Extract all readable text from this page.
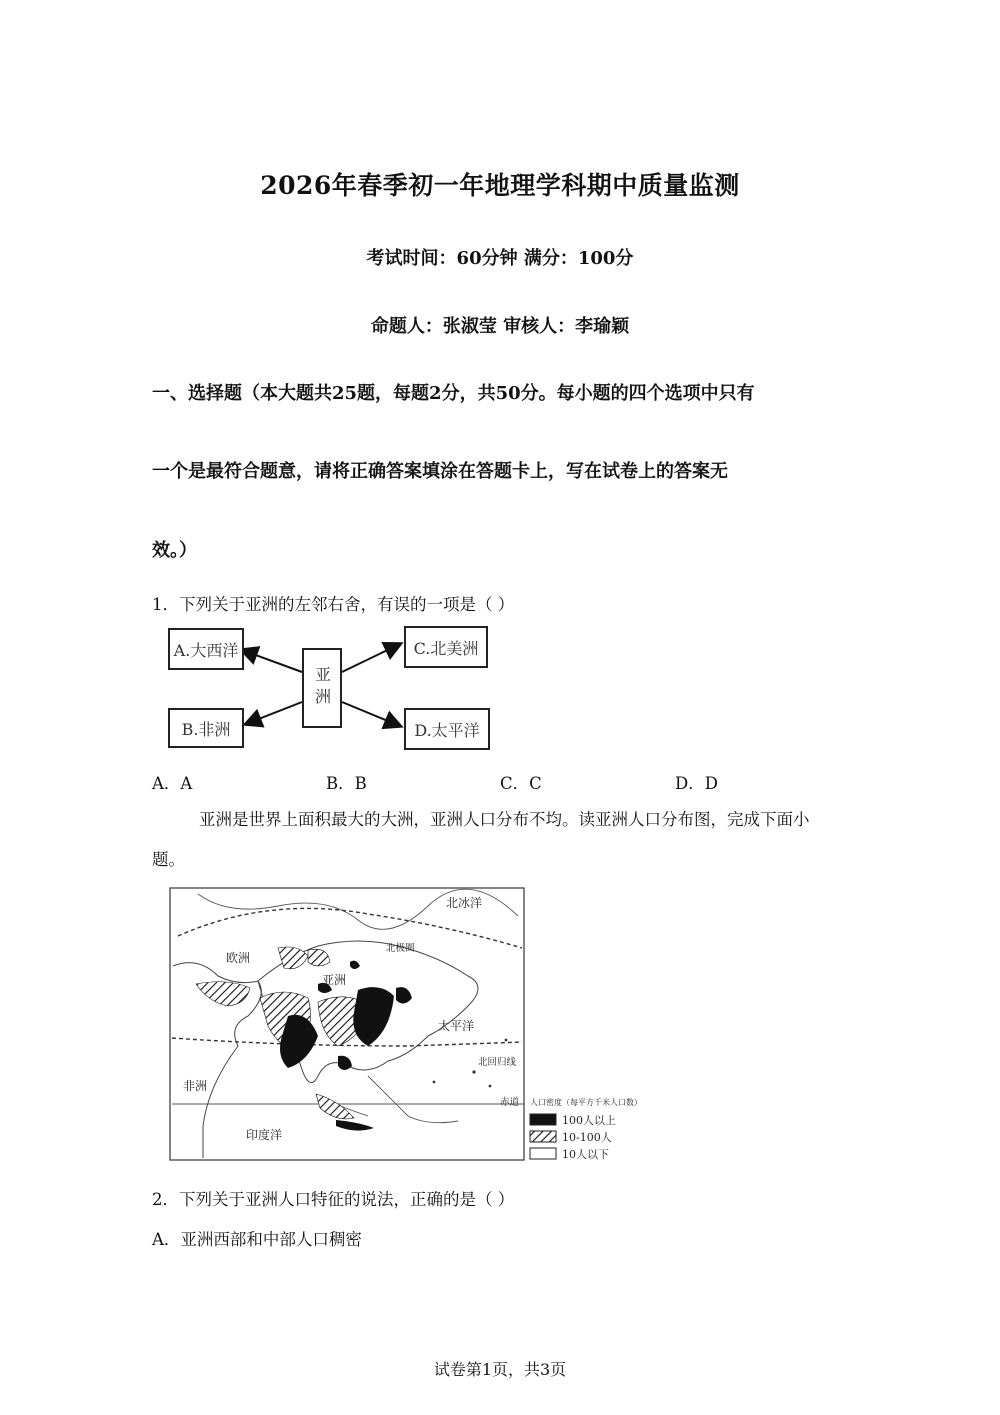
2026年春季初一年地理学科期中质量监测
考试时间：60分钟 满分：100分
命题人：张淑莹 审核人：李瑜颖
一、选择题（本大题共25题，每题2分，共50分。每小题的四个选项中只有
一个是最符合题意，请将正确答案填涂在答题卡上，写在试卷上的答案无
效。）
1．下列关于亚洲的左邻右舍，有误的一项是（ ）
A.大西洋
B.非洲
C.北美洲
D.太平洋
亚洲
A．A	B．B	C．C	D．D
亚洲是世界上面积最大的大洲，亚洲人口分布不均。读亚洲人口分布图，完成下面小题。
北冰洋
北极圈
欧洲
亚洲
太平洋
北回归线
非洲
赤道
印度洋
人口密度（每平方千米人口数）
100人以上
10-100人
10人以下
2．下列关于亚洲人口特征的说法，正确的是（ ）
A．亚洲西部和中部人口稠密
试卷第1页，共3页
